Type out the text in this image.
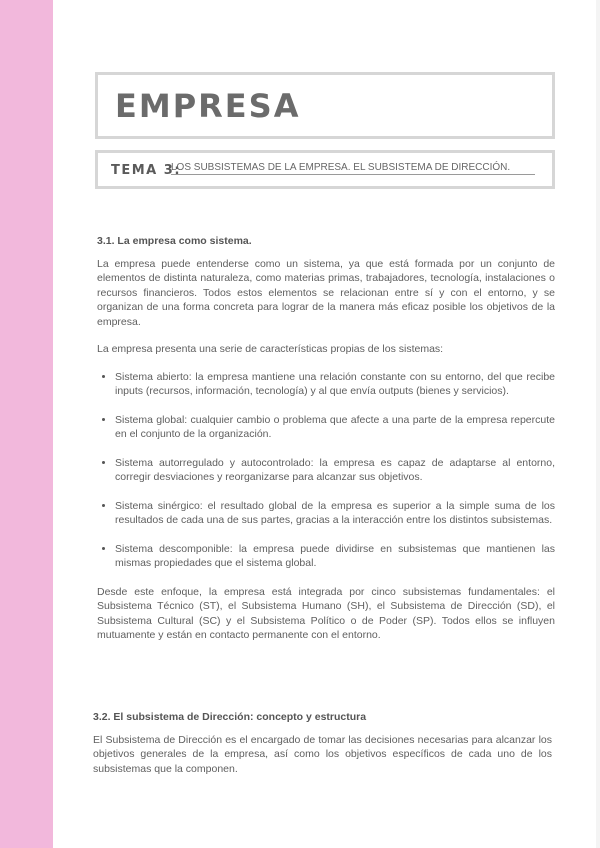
EMPRESA
TEMA 3:
LOS SUBSISTEMAS DE LA EMPRESA. EL SUBSISTEMA DE DIRECCIÓN.
3.1. La empresa como sistema.

La empresa puede entenderse como un sistema, ya que está formada por un conjunto de elementos de distinta naturaleza, como materias primas, trabajadores, tecnología, instalaciones o recursos financieros. Todos estos elementos se relacionan entre sí y con el entorno, y se organizan de una forma concreta para lograr de la manera más eficaz posible los objetivos de la empresa.

La empresa presenta una serie de características propias de los sistemas:

• Sistema abierto: la empresa mantiene una relación constante con su entorno, del que recibe inputs (recursos, información, tecnología) y al que envía outputs (bienes y servicios).
• Sistema global: cualquier cambio o problema que afecte a una parte de la empresa repercute en el conjunto de la organización.
• Sistema autorregulado y autocontrolado: la empresa es capaz de adaptarse al entorno, corregir desviaciones y reorganizarse para alcanzar sus objetivos.
• Sistema sinérgico: el resultado global de la empresa es superior a la simple suma de los resultados de cada una de sus partes, gracias a la interacción entre los distintos subsistemas.
• Sistema descomponible: la empresa puede dividirse en subsistemas que mantienen las mismas propiedades que el sistema global.

Desde este enfoque, la empresa está integrada por cinco subsistemas fundamentales: el Subsistema Técnico (ST), el Subsistema Humano (SH), el Subsistema de Dirección (SD), el Subsistema Cultural (SC) y el Subsistema Político o de Poder (SP). Todos ellos se influyen mutuamente y están en contacto permanente con el entorno.

3.2. El subsistema de Dirección: concepto y estructura

El Subsistema de Dirección es el encargado de tomar las decisiones necesarias para alcanzar los objetivos generales de la empresa, así como los objetivos específicos de cada uno de los subsistemas que la componen.
